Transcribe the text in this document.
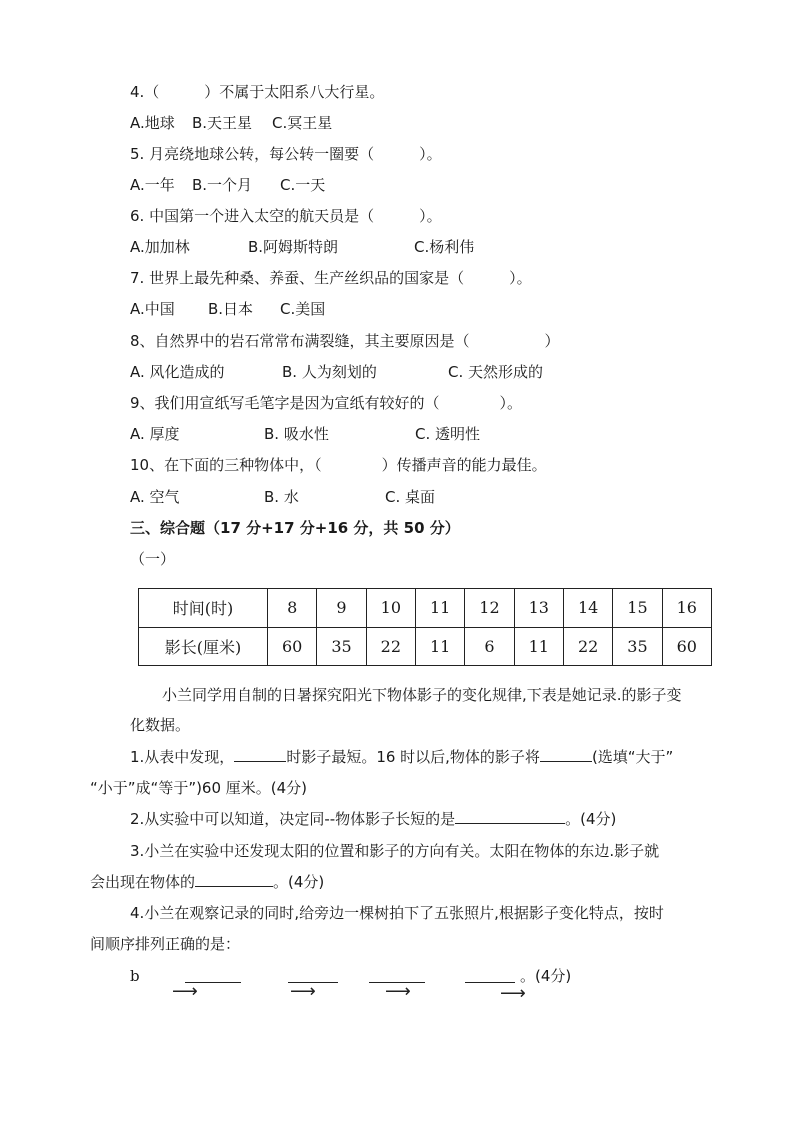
4.（　　　）不属于太阳系八大行星。
A.地球 B.天王星 C.冥王星
5. 月亮绕地球公转，每公转一圈要（　　　）。
A.一年 B.一个月 C.一天
6. 中国第一个进入太空的航天员是（　　　）。
A.加加林	B.阿姆斯特朗	C.杨利伟
7. 世界上最先种桑、养蚕、生产丝织品的国家是（　　　）。
A.中国 B.日本 C.美国
8、自然界中的岩石常常布满裂缝，其主要原因是（　　　　　）
A. 风化造成的	B. 人为刻划的	C. 天然形成的
9、我们用宣纸写毛笔字是因为宣纸有较好的（　　　　）。
A. 厚度	B. 吸水性	C. 透明性
10、在下面的三种物体中，（　　　　）传播声音的能力最佳。
A. 空气	B. 水	C. 桌面
三、综合题（17 分+17 分+16 分，共 50 分）
（一）
时间(时)	8	9	10	11	12	13	14	15	16
影长(厘米)	60	35	22	11	6	11	22	35	60
小兰同学用自制的日暑探究阳光下物体影子的变化规律,下表是她记录.的影子变
化数据。
1.从表中发现，	时影子最短。16 时以后,物体的影子将	(选填“大于”
“小于”成“等于”)60 厘米。(4分)
2.从实验中可以知道，决定同--物体影子长短的是	。(4分)
3.小兰在实验中还发现太阳的位置和影子的方向有关。太阳在物体的东边.影子就
会出现在物体的	。(4分)
4.小兰在观察记录的同时,给旁边一棵树拍下了五张照片,根据影子变化特点，按时
间顺序排列正确的是：
b
⟶	⟶	⟶	⟶
。(4分)
